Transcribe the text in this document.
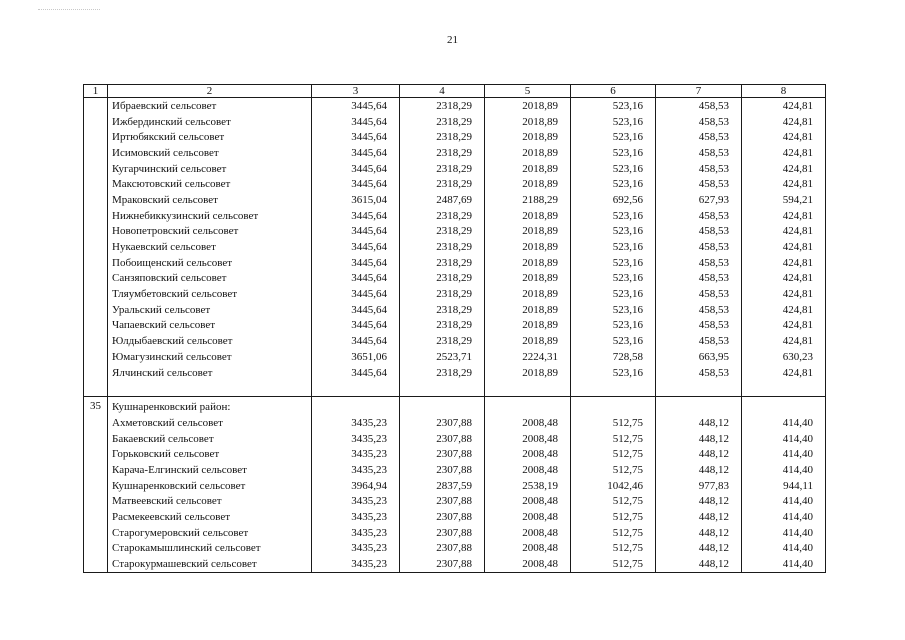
21
1	2	3	4	5	6	7	8
	Ибраевский сельсовет	3445,64	2318,29	2018,89	523,16	458,53	424,81
	Ижбердинский сельсовет	3445,64	2318,29	2018,89	523,16	458,53	424,81
	Иртюбякский сельсовет	3445,64	2318,29	2018,89	523,16	458,53	424,81
	Исимовский сельсовет	3445,64	2318,29	2018,89	523,16	458,53	424,81
	Кугарчинский сельсовет	3445,64	2318,29	2018,89	523,16	458,53	424,81
	Максютовский сельсовет	3445,64	2318,29	2018,89	523,16	458,53	424,81
	Мраковский сельсовет	3615,04	2487,69	2188,29	692,56	627,93	594,21
	Нижнебиккузинский сельсовет	3445,64	2318,29	2018,89	523,16	458,53	424,81
	Новопетровский сельсовет	3445,64	2318,29	2018,89	523,16	458,53	424,81
	Нукаевский сельсовет	3445,64	2318,29	2018,89	523,16	458,53	424,81
	Побоищенский сельсовет	3445,64	2318,29	2018,89	523,16	458,53	424,81
	Санзяповский сельсовет	3445,64	2318,29	2018,89	523,16	458,53	424,81
	Тляумбетовский сельсовет	3445,64	2318,29	2018,89	523,16	458,53	424,81
	Уральский сельсовет	3445,64	2318,29	2018,89	523,16	458,53	424,81
	Чапаевский сельсовет	3445,64	2318,29	2018,89	523,16	458,53	424,81
	Юлдыбаевский сельсовет	3445,64	2318,29	2018,89	523,16	458,53	424,81
	Юмагузинский сельсовет	3651,06	2523,71	2224,31	728,58	663,95	630,23
	Ялчинский сельсовет	3445,64	2318,29	2018,89	523,16	458,53	424,81

35	Кушнаренковский район:						
	Ахметовский сельсовет	3435,23	2307,88	2008,48	512,75	448,12	414,40
	Бакаевский сельсовет	3435,23	2307,88	2008,48	512,75	448,12	414,40
	Горьковский сельсовет	3435,23	2307,88	2008,48	512,75	448,12	414,40
	Карача-Елгинский сельсовет	3435,23	2307,88	2008,48	512,75	448,12	414,40
	Кушнаренковский сельсовет	3964,94	2837,59	2538,19	1042,46	977,83	944,11
	Матвеевский сельсовет	3435,23	2307,88	2008,48	512,75	448,12	414,40
	Расмекеевский сельсовет	3435,23	2307,88	2008,48	512,75	448,12	414,40
	Старогумеровский сельсовет	3435,23	2307,88	2008,48	512,75	448,12	414,40
	Старокамышлинский сельсовет	3435,23	2307,88	2008,48	512,75	448,12	414,40
	Старокурмашевский сельсовет	3435,23	2307,88	2008,48	512,75	448,12	414,40
